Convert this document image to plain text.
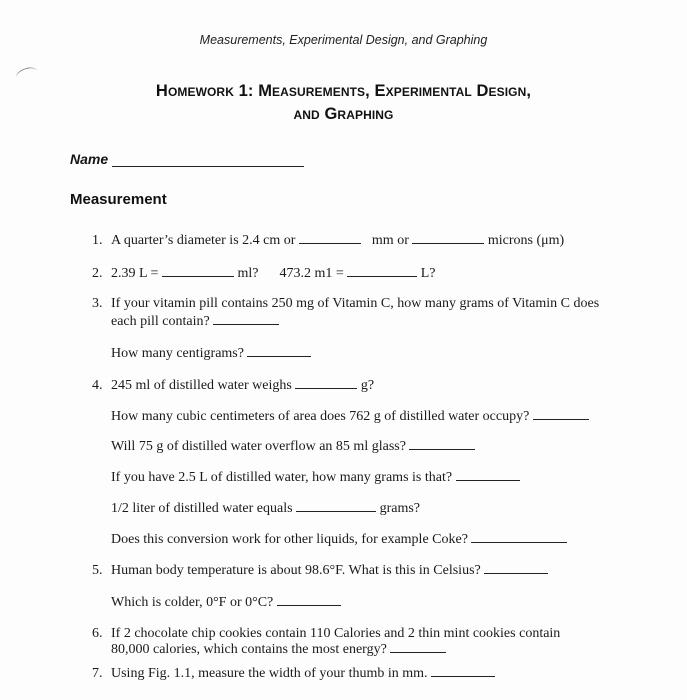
Measurements, Experimental Design, and Graphing
Homework 1: Measurements, Experimental Design,
and Graphing
Name
Measurement
1. A quarter’s diameter is 2.4 cm or	mm or	microns (μm)
2. 2.39 L =	ml? 473.2 m1 =	L?
3. If your vitamin pill contains 250 mg of Vitamin C, how many grams of Vitamin C does
each pill contain?
How many centigrams?
4. 245 ml of distilled water weighs	g?
How many cubic centimeters of area does 762 g of distilled water occupy?
Will 75 g of distilled water overflow an 85 ml glass?
If you have 2.5 L of distilled water, how many grams is that?
1/2 liter of distilled water equals	grams?
Does this conversion work for other liquids, for example Coke?
5. Human body temperature is about 98.6°F. What is this in Celsius?
Which is colder, 0°F or 0°C?
6. If 2 chocolate chip cookies contain 110 Calories and 2 thin mint cookies contain
80,000 calories, which contains the most energy?
7. Using Fig. 1.1, measure the width of your thumb in mm.
